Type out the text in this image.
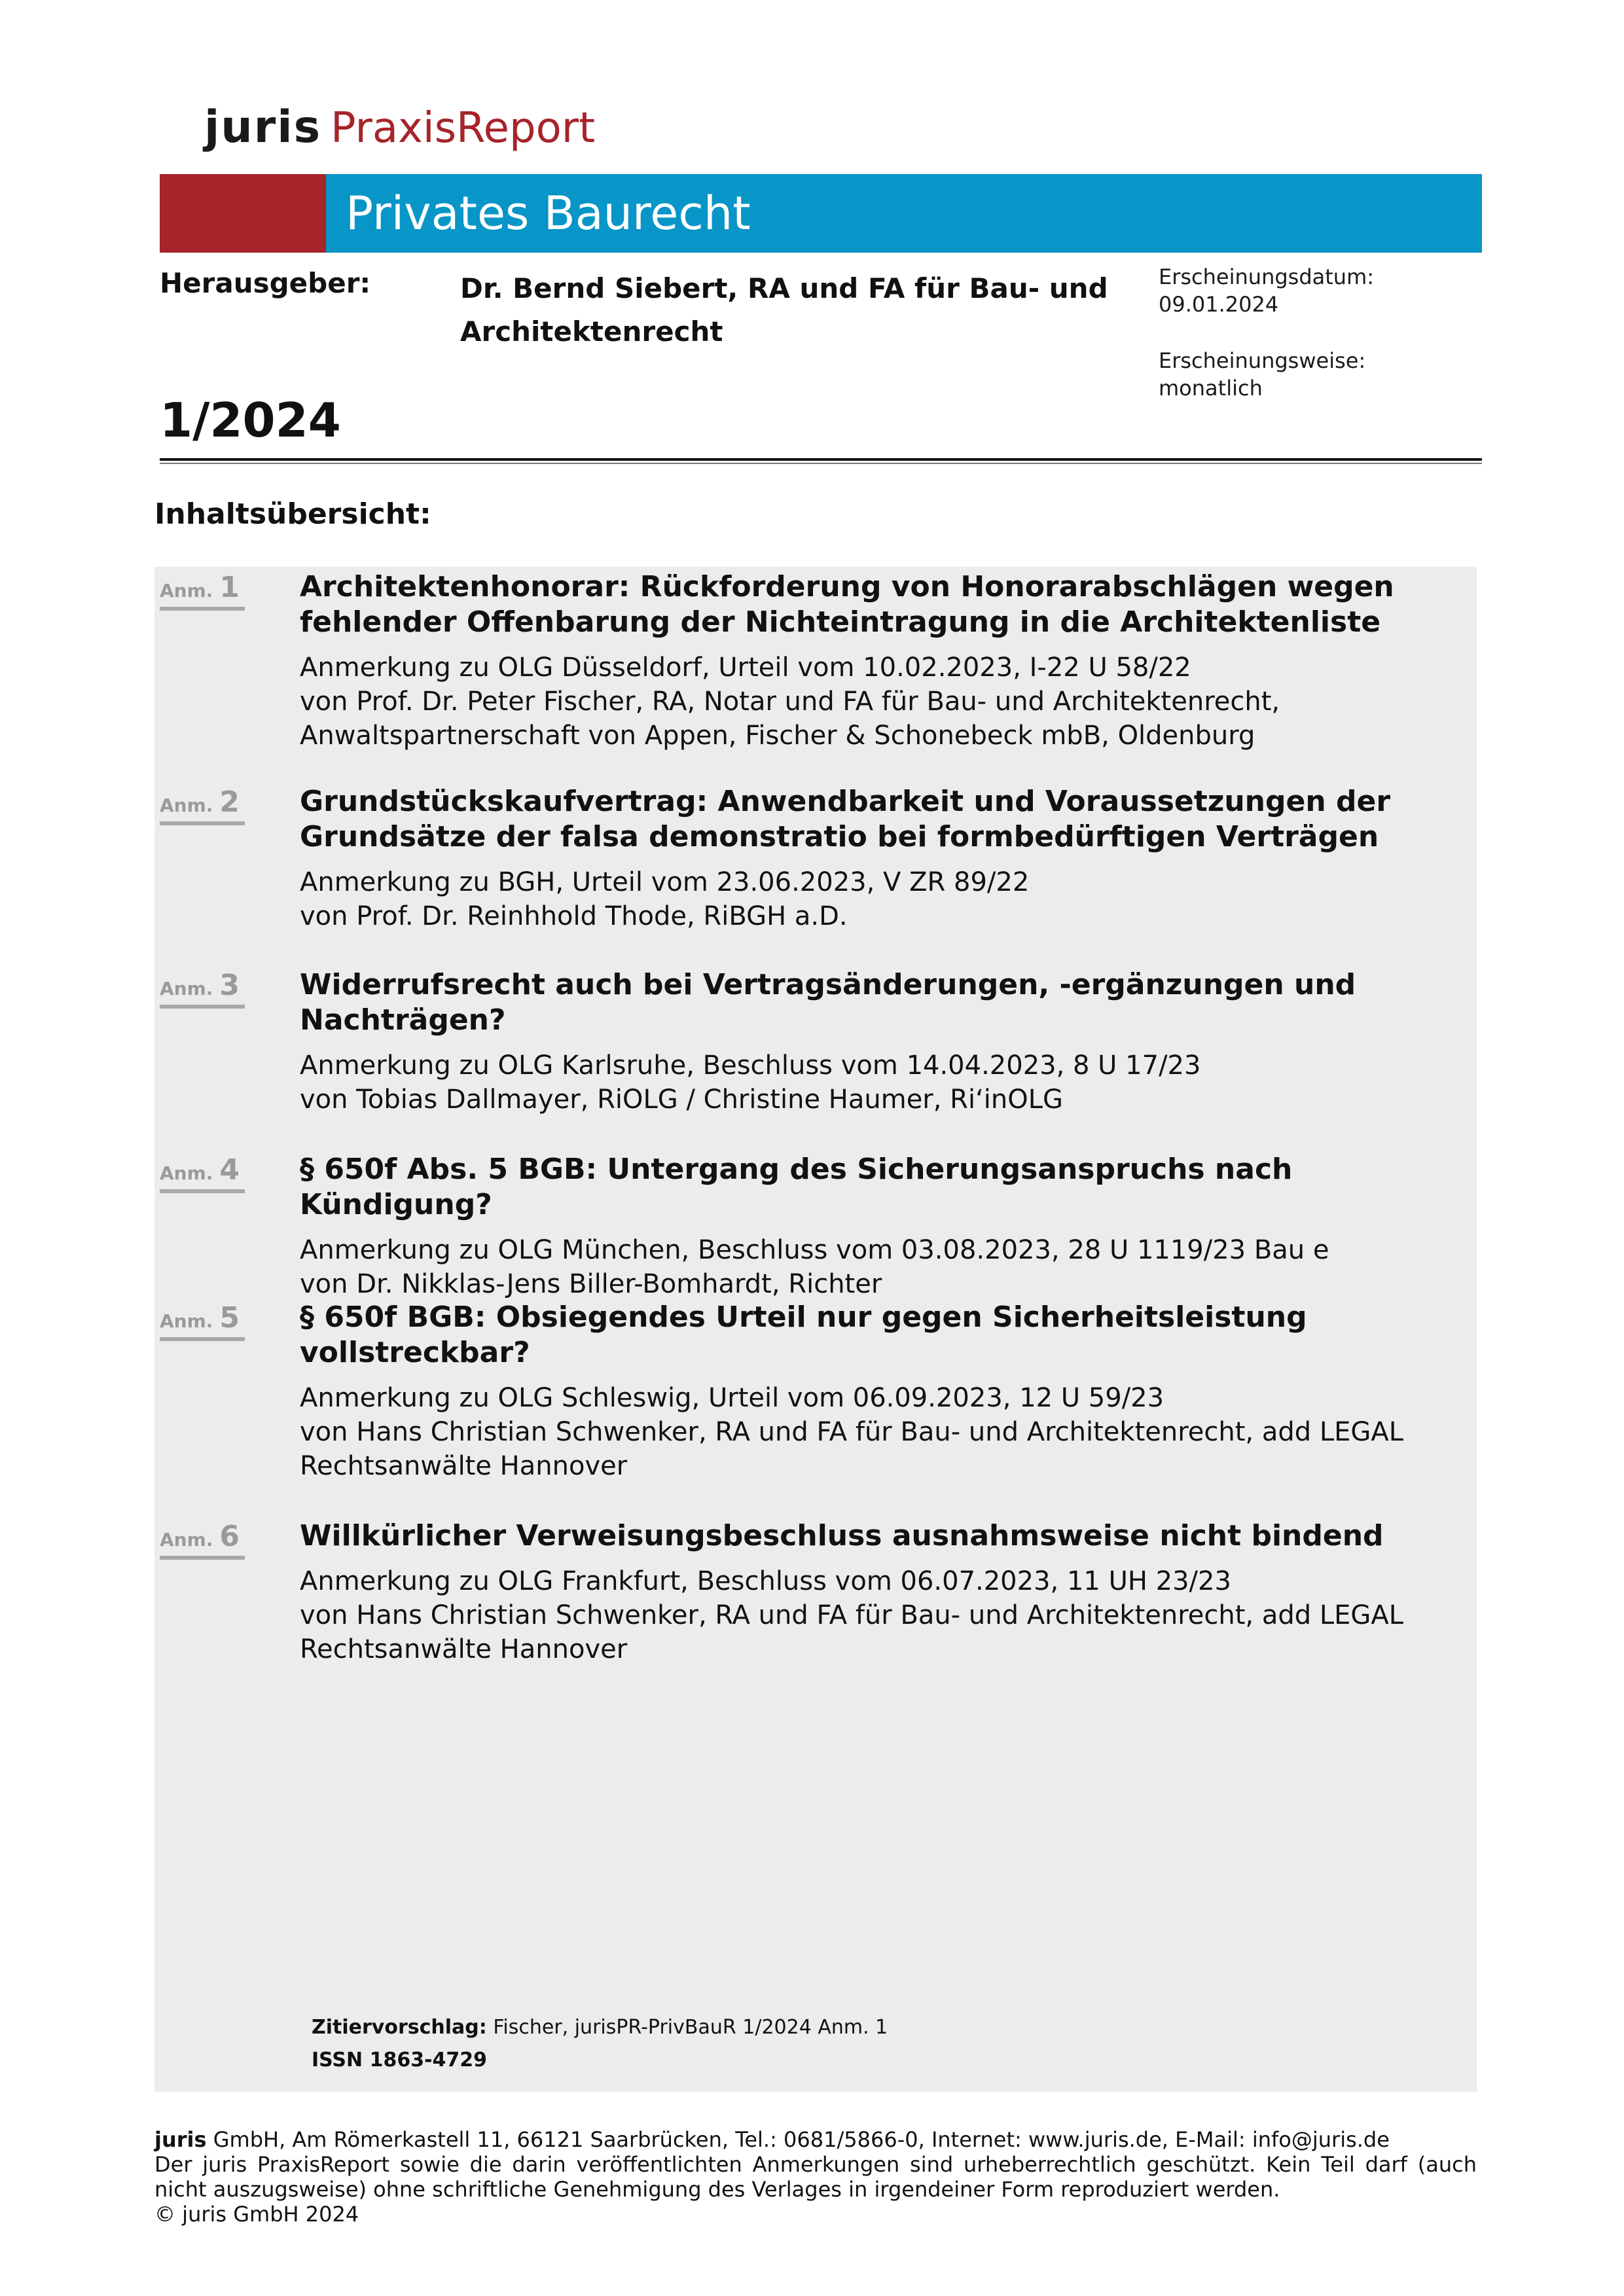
juris PraxisReport
Privates Baurecht
Herausgeber:	Dr. Bernd Siebert, RA und FA für Bau- und Architektenrecht
Erscheinungsdatum:
09.01.2024
Erscheinungsweise:
monatlich
1/2024
Inhaltsübersicht:
Anm. 1 Architektenhonorar: Rückforderung von Honorarabschlägen wegen
fehlender Offenbarung der Nichteintragung in die Architektenliste
Anmerkung zu OLG Düsseldorf, Urteil vom 10.02.2023, I-22 U 58/22
von Prof. Dr. Peter Fischer, RA, Notar und FA für Bau- und Architektenrecht,
Anwaltspartnerschaft von Appen, Fischer & Schonebeck mbB, Oldenburg
Anm. 2 Grundstückskaufvertrag: Anwendbarkeit und Voraussetzungen der
Grundsätze der falsa demonstratio bei formbedürftigen Verträgen
Anmerkung zu BGH, Urteil vom 23.06.2023, V ZR 89/22
von Prof. Dr. Reinhhold Thode, RiBGH a.D.
Anm. 3 Widerrufsrecht auch bei Vertragsänderungen, -ergänzungen und
Nachträgen?
Anmerkung zu OLG Karlsruhe, Beschluss vom 14.04.2023, 8 U 17/23
von Tobias Dallmayer, RiOLG / Christine Haumer, Ri‘inOLG
Anm. 4 § 650f Abs. 5 BGB: Untergang des Sicherungsanspruchs nach Kündigung?
Anmerkung zu OLG München, Beschluss vom 03.08.2023, 28 U 1119/23 Bau e
von Dr. Nikklas-Jens Biller-Bomhardt, Richter
Anm. 5 § 650f BGB: Obsiegendes Urteil nur gegen Sicherheitsleistung
vollstreckbar?
Anmerkung zu OLG Schleswig, Urteil vom 06.09.2023, 12 U 59/23
von Hans Christian Schwenker, RA und FA für Bau- und Architektenrecht, add LEGAL
Rechtsanwälte Hannover
Anm. 6 Willkürlicher Verweisungsbeschluss ausnahmsweise nicht bindend
Anmerkung zu OLG Frankfurt, Beschluss vom 06.07.2023, 11 UH 23/23
von Hans Christian Schwenker, RA und FA für Bau- und Architektenrecht, add LEGAL
Rechtsanwälte Hannover
Zitiervorschlag: Fischer, jurisPR-PrivBauR 1/2024 Anm. 1
ISSN 1863-4729
juris GmbH, Am Römerkastell 11, 66121 Saarbrücken, Tel.: 0681/5866-0, Internet: www.juris.de, E-Mail: info@juris.de
Der juris PraxisReport sowie die darin veröffentlichten Anmerkungen sind urheberrechtlich geschützt. Kein Teil darf (auch nicht auszugsweise) ohne schriftliche Genehmigung des Verlages in irgendeiner Form reproduziert werden.
© juris GmbH 2024
